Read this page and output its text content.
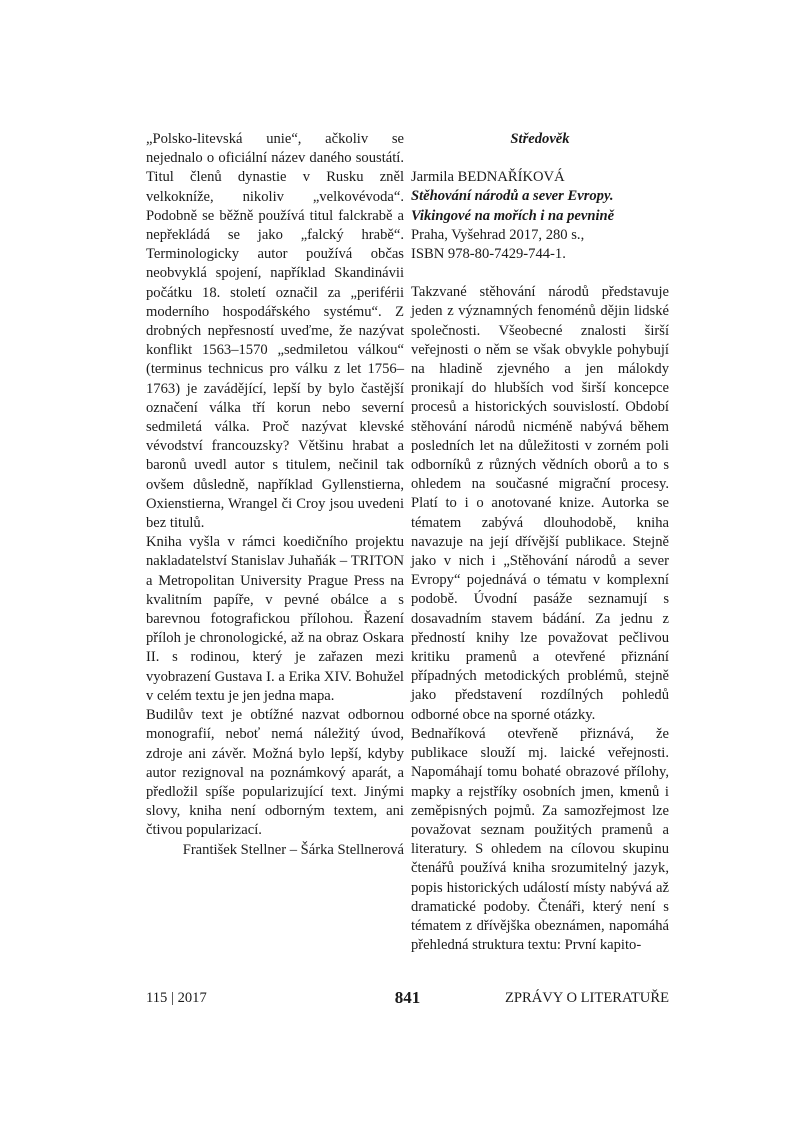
„Polsko-litevská unie“, ačkoliv se nejednalo o oficiální název daného soustátí. Titul členů dynastie v Rusku zněl velkokníže, nikoliv „velkovévoda“. Podobně se běžně používá titul falckrabě a nepřekládá se jako „falcký hrabě“. Terminologicky autor používá občas neobvyklá spojení, například Skandinávii počátku 18. století označil za „periférii moderního hospodářského systému“. Z drobných nepřesností uveďme, že nazývat konflikt 1563–1570 „sedmiletou válkou“ (terminus technicus pro válku z let 1756–1763) je zavádějící, lepší by bylo častější označení válka tří korun nebo severní sedmiletá válka. Proč nazývat klevské vévodství francouzsky? Většinu hrabat a baronů uvedl autor s titulem, nečinil tak ovšem důsledně, například Gyllenstierna, Oxienstierna, Wrangel či Croy jsou uvedeni bez titulů.

Kniha vyšla v rámci koedičního projektu nakladatelství Stanislav Juhaňák – TRITON a Metropolitan University Prague Press na kvalitním papíře, v pevné obálce a s barevnou fotografickou přílohou. Řazení příloh je chronologické, až na obraz Oskara II. s rodinou, který je zařazen mezi vyobrazení Gustava I. a Erika XIV. Bohužel v celém textu je jen jedna mapa.

Budilův text je obtížné nazvat odbornou monografií, neboť nemá náležitý úvod, zdroje ani závěr. Možná bylo lepší, kdyby autor rezignoval na poznámkový aparát, a předložil spíše popularizující text. Jinými slovy, kniha není odborným textem, ani čtivou popularizací.

František Stellner – Šárka Stellnerová
Středověk
Jarmila BEDNAŘÍKOVÁ
Stěhování národů a sever Evropy.
Vikingové na mořích i na pevnině
Praha, Vyšehrad 2017, 280 s.,
ISBN 978-80-7429-744-1.

Takzvané stěhování národů představuje jeden z významných fenoménů dějin lidské společnosti. Všeobecné znalosti širší veřejnosti o něm se však obvykle pohybují na hladině zjevného a jen málokdy pronikají do hlubších vod širší koncepce procesů a historických souvislostí. Období stěhování národů nicméně nabývá během posledních let na důležitosti v zorném poli odborníků z různých vědních oborů a to s ohledem na současné migrační procesy. Platí to i o anotované knize. Autorka se tématem zabývá dlouhodobě, kniha navazuje na její dřívější publikace. Stejně jako v nich i „Stěhování národů a sever Evropy“ pojednává o tématu v komplexní podobě. Úvodní pasáže seznamují s dosavadním stavem bádání. Za jednu z předností knihy lze považovat pečlivou kritiku pramenů a otevřené přiznání případných metodických problémů, stejně jako představení rozdílných pohledů odborné obce na sporné otázky.

Bednaříková otevřeně přiznává, že publikace slouží mj. laické veřejnosti. Napomáhají tomu bohaté obrazové přílohy, mapky a rejstříky osobních jmen, kmenů i zeměpisných pojmů. Za samozřejmost lze považovat seznam použitých pramenů a literatury. S ohledem na cílovou skupinu čtenářů používá kniha srozumitelný jazyk, popis historických událostí místy nabývá až dramatické podoby. Čtenáři, který není s tématem z dřívějška obeznámen, napomáhá přehledná struktura textu: První kapito-

115 | 2017	841	ZPRÁVY O LITERATUŘE
